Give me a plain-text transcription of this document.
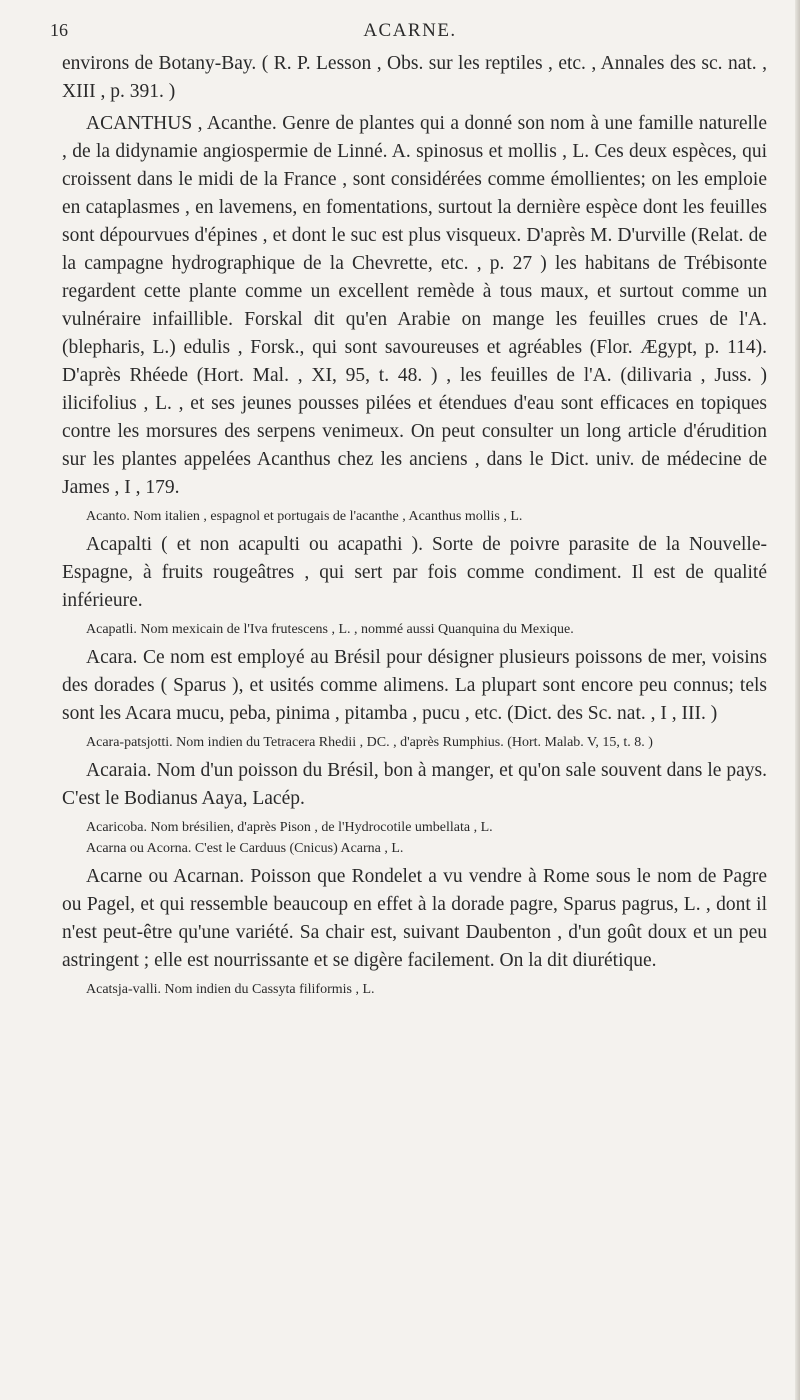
16	ACARNE.

environs de Botany-Bay. ( R. P. Lesson , Obs. sur les reptiles , etc. , Annales des sc. nat. , XIII , p. 391. )

ACANTHUS , Acanthe. Genre de plantes qui a donné son nom à une famille naturelle , de la didynamie angiospermie de Linné. A. spinosus et mollis , L. Ces deux espèces, qui croissent dans le midi de la France , sont considérées comme émollientes; on les emploie en cataplasmes , en lavemens, en fomentations, surtout la dernière espèce dont les feuilles sont dépourvues d'épines , et dont le suc est plus visqueux. D'après M. D'urville (Relat. de la campagne hydrographique de la Chevrette, etc. , p. 27 ) les habitans de Trébisonte regardent cette plante comme un excellent remède à tous maux, et surtout comme un vulnéraire infaillible. Forskal dit qu'en Arabie on mange les feuilles crues de l'A. (blepharis, L.) edulis , Forsk., qui sont savoureuses et agréables (Flor. Ægypt, p. 114). D'après Rhéede (Hort. Mal. , XI, 95, t. 48. ) , les feuilles de l'A. (dilivaria , Juss. ) ilicifolius , L. , et ses jeunes pousses pilées et étendues d'eau sont efficaces en topiques contre les morsures des serpens venimeux. On peut consulter un long article d'érudition sur les plantes appelées Acanthus chez les anciens , dans le Dict. univ. de médecine de James , I , 179.

Acanto. Nom italien , espagnol et portugais de l'acanthe , Acanthus mollis , L.

Acapalti ( et non acapulti ou acapathi ). Sorte de poivre parasite de la Nouvelle-Espagne, à fruits rougeâtres , qui sert par fois comme condiment. Il est de qualité inférieure.

Acapatli. Nom mexicain de l'Iva frutescens , L. , nommé aussi Quanquina du Mexique.

Acara. Ce nom est employé au Brésil pour désigner plusieurs poissons de mer, voisins des dorades ( Sparus ), et usités comme alimens. La plupart sont encore peu connus; tels sont les Acara mucu, peba, pinima , pitamba , pucu , etc. (Dict. des Sc. nat. , I , III. )

Acara-patsjotti. Nom indien du Tetracera Rhedii , DC. , d'après Rumphius. (Hort. Malab. V, 15, t. 8. )

Acaraia. Nom d'un poisson du Brésil, bon à manger, et qu'on sale souvent dans le pays. C'est le Bodianus Aaya, Lacép.

Acaricoba. Nom brésilien, d'après Pison , de l'Hydrocotile umbellata , L.

Acarna ou Acorna. C'est le Carduus (Cnicus) Acarna , L.

Acarne ou Acarnan. Poisson que Rondelet a vu vendre à Rome sous le nom de Pagre ou Pagel, et qui ressemble beaucoup en effet à la dorade pagre, Sparus pagrus, L. , dont il n'est peut-être qu'une variété. Sa chair est, suivant Daubenton , d'un goût doux et un peu astringent ; elle est nourrissante et se digère facilement. On la dit diurétique.

Acatsja-valli. Nom indien du Cassyta filiformis , L.
